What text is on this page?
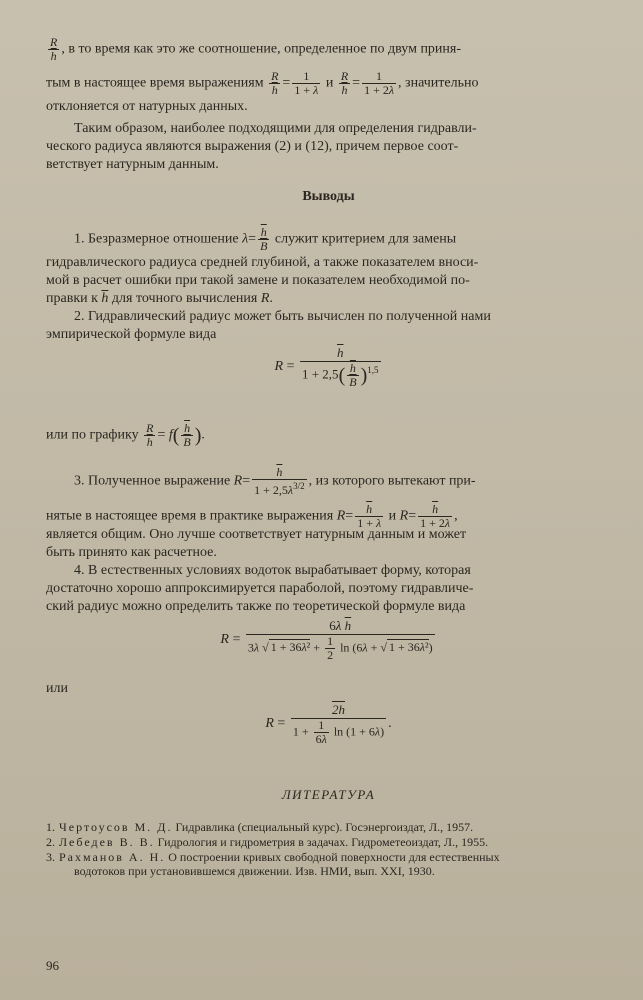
$\frac{R}{h}$ , в то время как это же соотношение, определенное по двум приня-
тым в настоящее время выражениям $\frac{R}{h} = \frac{1}{1 + \lambda}$ и $\frac{R}{h} = \frac{1}{1 + 2\lambda}$ , значительно
отклоняется от натурных данных.
Таким образом, наиболее подходящими для определения гидравли-
ческого радиуса являются выражения (2) и (12), причем первое соот-
ветствует натурным данным.
Выводы
1. Безразмерное отношение $\lambda= \frac{\overline{h}}{B}$ служит критерием для замены
гидравлического радиуса средней глубиной, а также показателем вноси-
мой в расчет ошибки при такой замене и показателем необходимой по-
правки к $\overline{h}$ для точного вычисления R.
2. Гидравлический радиус может быть вычислен по полученной нами
эмпирической формуле вида
$R = \frac{\overline{h}}{1 + 2,5( \frac{\overline{h}}{B} )^{1,5}}$
или по графику $\frac{R}{h} = f( \frac{\overline{h}}{B}$ ).
3. Полученное выражение $R= \frac{\overline{h}}{1 + 2,5\lambda^{3/2}}$ , из которого вытекают при-
нятые в настоящее время в практике выражения $R= \frac{\overline{h}}{1 + \lambda}$ и $R= \frac{\overline{h}}{1 + 2\lambda}$ ,
является общим. Оно лучше соответствует натурным данным и может
быть принято как расчетное.
4. В естественных условиях водоток вырабатывает форму, которая
достаточно хорошо аппроксимируется параболой, поэтому гидравличе-
ский радиус можно определить также по теоретической формуле вида
$R = \frac{6\lambda \overline{h}}{3\lambda √ 1 + 36\lambda^2 + \frac{1}{2} \ln (6\lambda + √ 1 + 36\lambda^2)}$
или
$R = \frac{2h}{1 + \frac{1}{6\lambda} \ln (1 + 6\lambda)}$ .
ЛИТЕРАТУРА
1. Чертоусов М. Д. Гидравлика (специальный курс). Госэнергоиздат, Л., 1957.
2. Лебедев В. В. Гидрология и гидрометрия в задачах. Гидрометеоиздат, Л., 1955.
3. Рахманов А. Н. О построении кривых свободной поверхности для естественных
водотоков при установившемся движении. Изв. НМИ, вып. XXI, 1930.
96
